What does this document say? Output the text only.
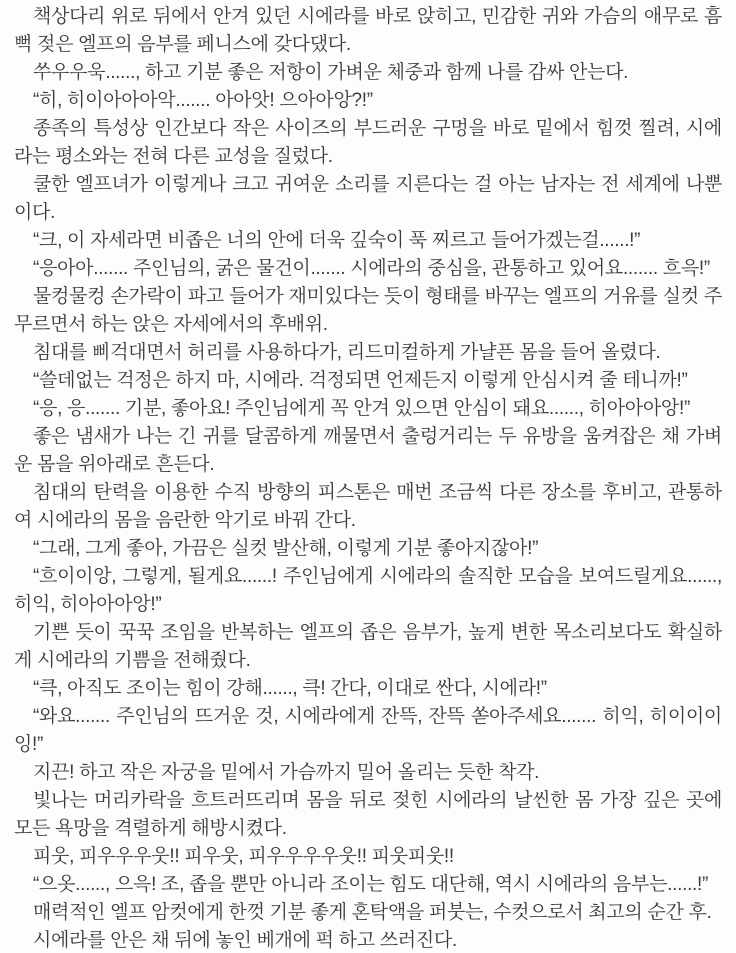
책상다리 위로 뒤에서 안겨 있던 시에라를 바로 앉히고, 민감한 귀와 가슴의 애무로 흠뻑 젖은 엘프의 음부를 페니스에 갖다댔다.

쑤우우욱......, 하고 기분 좋은 저항이 가벼운 체중과 함께 나를 감싸 안는다.

“히, 히이아아아악....... 아아앗! 으아아앙?!”

종족의 특성상 인간보다 작은 사이즈의 부드러운 구멍을 바로 밑에서 힘껏 찔려, 시에라는 평소와는 전혀 다른 교성을 질렀다.

쿨한 엘프녀가 이렇게나 크고 귀여운 소리를 지른다는 걸 아는 남자는 전 세계에 나뿐이다.

“크, 이 자세라면 비좁은 너의 안에 더욱 깊숙이 푹 찌르고 들어가겠는걸......!”

“응아아....... 주인님의, 굵은 물건이....... 시에라의 중심을, 관통하고 있어요....... 흐윽!”

물컹물컹 손가락이 파고 들어가 재미있다는 듯이 형태를 바꾸는 엘프의 거유를 실컷 주무르면서 하는 앉은 자세에서의 후배위.

침대를 삐걱대면서 허리를 사용하다가, 리드미컬하게 가냘픈 몸을 들어 올렸다.

“쓸데없는 걱정은 하지 마, 시에라. 걱정되면 언제든지 이렇게 안심시켜 줄 테니까!”

“응, 응....... 기분, 좋아요! 주인님에게 꼭 안겨 있으면 안심이 돼요......, 히아아아앙!”

좋은 냄새가 나는 긴 귀를 달콤하게 깨물면서 출렁거리는 두 유방을 움켜잡은 채 가벼운 몸을 위아래로 흔든다.

침대의 탄력을 이용한 수직 방향의 피스톤은 매번 조금씩 다른 장소를 후비고, 관통하여 시에라의 몸을 음란한 악기로 바꿔 간다.

“그래, 그게 좋아, 가끔은 실컷 발산해, 이렇게 기분 좋아지잖아!”

“흐이이앙, 그렇게, 될게요......! 주인님에게 시에라의 솔직한 모습을 보여드릴게요......, 히익, 히아아아앙!”

기쁜 듯이 꾹꾹 조임을 반복하는 엘프의 좁은 음부가, 높게 변한 목소리보다도 확실하게 시에라의 기쁨을 전해줬다.

“큭, 아직도 조이는 힘이 강해......, 큭! 간다, 이대로 싼다, 시에라!”

“와요....... 주인님의 뜨거운 것, 시에라에게 잔뜩, 잔뜩 쏟아주세요....... 히익, 히이이이잉!”

지끈! 하고 작은 자궁을 밑에서 가슴까지 밀어 올리는 듯한 착각.

빛나는 머리카락을 흐트러뜨리며 몸을 뒤로 젖힌 시에라의 날씬한 몸 가장 깊은 곳에 모든 욕망을 격렬하게 해방시켰다.

피웃, 피우우우웃!! 피우웃, 피우우우우웃!! 피웃피웃!!

“으옷......, 으윽! 조, 좁을 뿐만 아니라 조이는 힘도 대단해, 역시 시에라의 음부는......!”

매력적인 엘프 암컷에게 한껏 기분 좋게 혼탁액을 퍼붓는, 수컷으로서 최고의 순간 후.

시에라를 안은 채 뒤에 놓인 베개에 퍽 하고 쓰러진다.
